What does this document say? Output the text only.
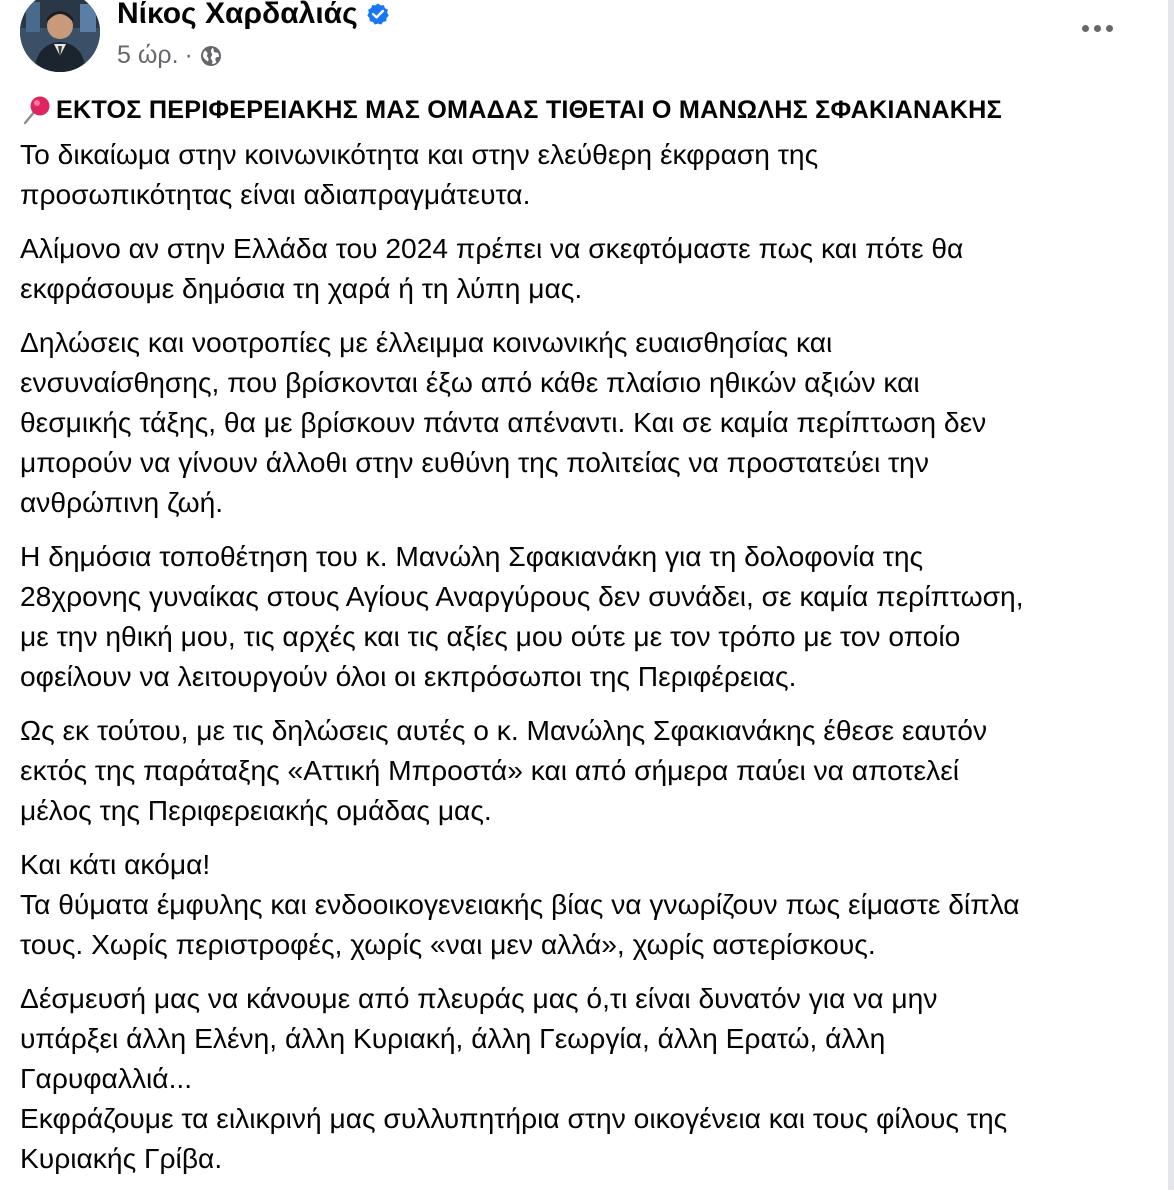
Νίκος Χαρδαλιάς
5 ώρ. ·
ΕΚΤΟΣ ΠΕΡΙΦΕΡΕΙΑΚΗΣ ΜΑΣ ΟΜΑΔΑΣ ΤΙΘΕΤΑΙ Ο ΜΑΝΩΛΗΣ ΣΦΑΚΙΑΝΑΚΗΣ

Το δικαίωμα στην κοινωνικότητα και στην ελεύθερη έκφραση της
προσωπικότητας είναι αδιαπραγμάτευτα.

Αλίμονο αν στην Ελλάδα του 2024 πρέπει να σκεφτόμαστε πως και πότε θα
εκφράσουμε δημόσια τη χαρά ή τη λύπη μας.

Δηλώσεις και νοοτροπίες με έλλειμμα κοινωνικής ευαισθησίας και
ενσυναίσθησης, που βρίσκονται έξω από κάθε πλαίσιο ηθικών αξιών και
θεσμικής τάξης, θα με βρίσκουν πάντα απέναντι. Και σε καμία περίπτωση δεν
μπορούν να γίνουν άλλοθι στην ευθύνη της πολιτείας να προστατεύει την
ανθρώπινη ζωή.

Η δημόσια τοποθέτηση του κ. Μανώλη Σφακιανάκη για τη δολοφονία της
28χρονης γυναίκας στους Αγίους Αναργύρους δεν συνάδει, σε καμία περίπτωση,
με την ηθική μου, τις αρχές και τις αξίες μου ούτε με τον τρόπο με τον οποίο
οφείλουν να λειτουργούν όλοι οι εκπρόσωποι της Περιφέρειας.

Ως εκ τούτου, με τις δηλώσεις αυτές ο κ. Μανώλης Σφακιανάκης έθεσε εαυτόν
εκτός της παράταξης «Αττική Μπροστά» και από σήμερα παύει να αποτελεί
μέλος της Περιφερειακής ομάδας μας.

Και κάτι ακόμα!
Τα θύματα έμφυλης και ενδοοικογενειακής βίας να γνωρίζουν πως είμαστε δίπλα
τους. Χωρίς περιστροφές, χωρίς «ναι μεν αλλά», χωρίς αστερίσκους.

Δέσμευσή μας να κάνουμε από πλευράς μας ό,τι είναι δυνατόν για να μην
υπάρξει άλλη Ελένη, άλλη Κυριακή, άλλη Γεωργία, άλλη Ερατώ, άλλη
Γαρυφαλλιά...
Εκφράζουμε τα ειλικρινή μας συλλυπητήρια στην οικογένεια και τους φίλους της
Κυριακής Γρίβα.
